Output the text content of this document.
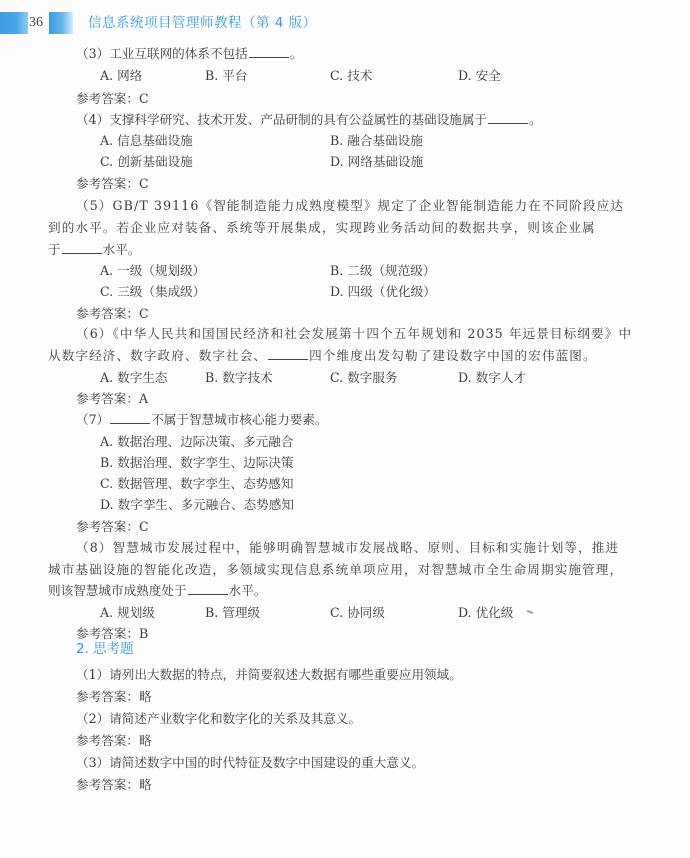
36	信息系统项目管理师教程（第 4 版）
（3）工业互联网的体系不包括	。
A. 网络	B. 平台	C. 技术	D. 安全
参考答案：C
（4）支撑科学研究、技术开发、产品研制的具有公益属性的基础设施属于	。
A. 信息基础设施	B. 融合基础设施
C. 创新基础设施	D. 网络基础设施
参考答案：C
（5）GB/T 39116《智能制造能力成熟度模型》规定了企业智能制造能力在不同阶段应达
到的水平。若企业应对装备、系统等开展集成，实现跨业务活动间的数据共享，则该企业属
于	水平。
A. 一级（规划级）	B. 二级（规范级）
C. 三级（集成级）	D. 四级（优化级）
参考答案：C
（6）《中华人民共和国国民经济和社会发展第十四个五年规划和 2035 年远景目标纲要》中
从数字经济、数字政府、数字社会、	四个维度出发勾勒了建设数字中国的宏伟蓝图。
A. 数字生态	B. 数字技术	C. 数字服务	D. 数字人才
参考答案：A
（7）	不属于智慧城市核心能力要素。
A. 数据治理、边际决策、多元融合
B. 数据治理、数字孪生、边际决策
C. 数据管理、数字孪生、态势感知
D. 数字孪生、多元融合、态势感知
参考答案：C
（8）智慧城市发展过程中，能够明确智慧城市发展战略、原则、目标和实施计划等，推进
城市基础设施的智能化改造，多领域实现信息系统单项应用，对智慧城市全生命周期实施管理，
则该智慧城市成熟度处于	水平。
A. 规划级	B. 管理级	C. 协同级	D. 优化级
参考答案：B
2. 思考题
（1）请列出大数据的特点，并简要叙述大数据有哪些重要应用领域。
参考答案：略
（2）请简述产业数字化和数字化的关系及其意义。
参考答案：略
（3）请简述数字中国的时代特征及数字中国建设的重大意义。
参考答案：略
